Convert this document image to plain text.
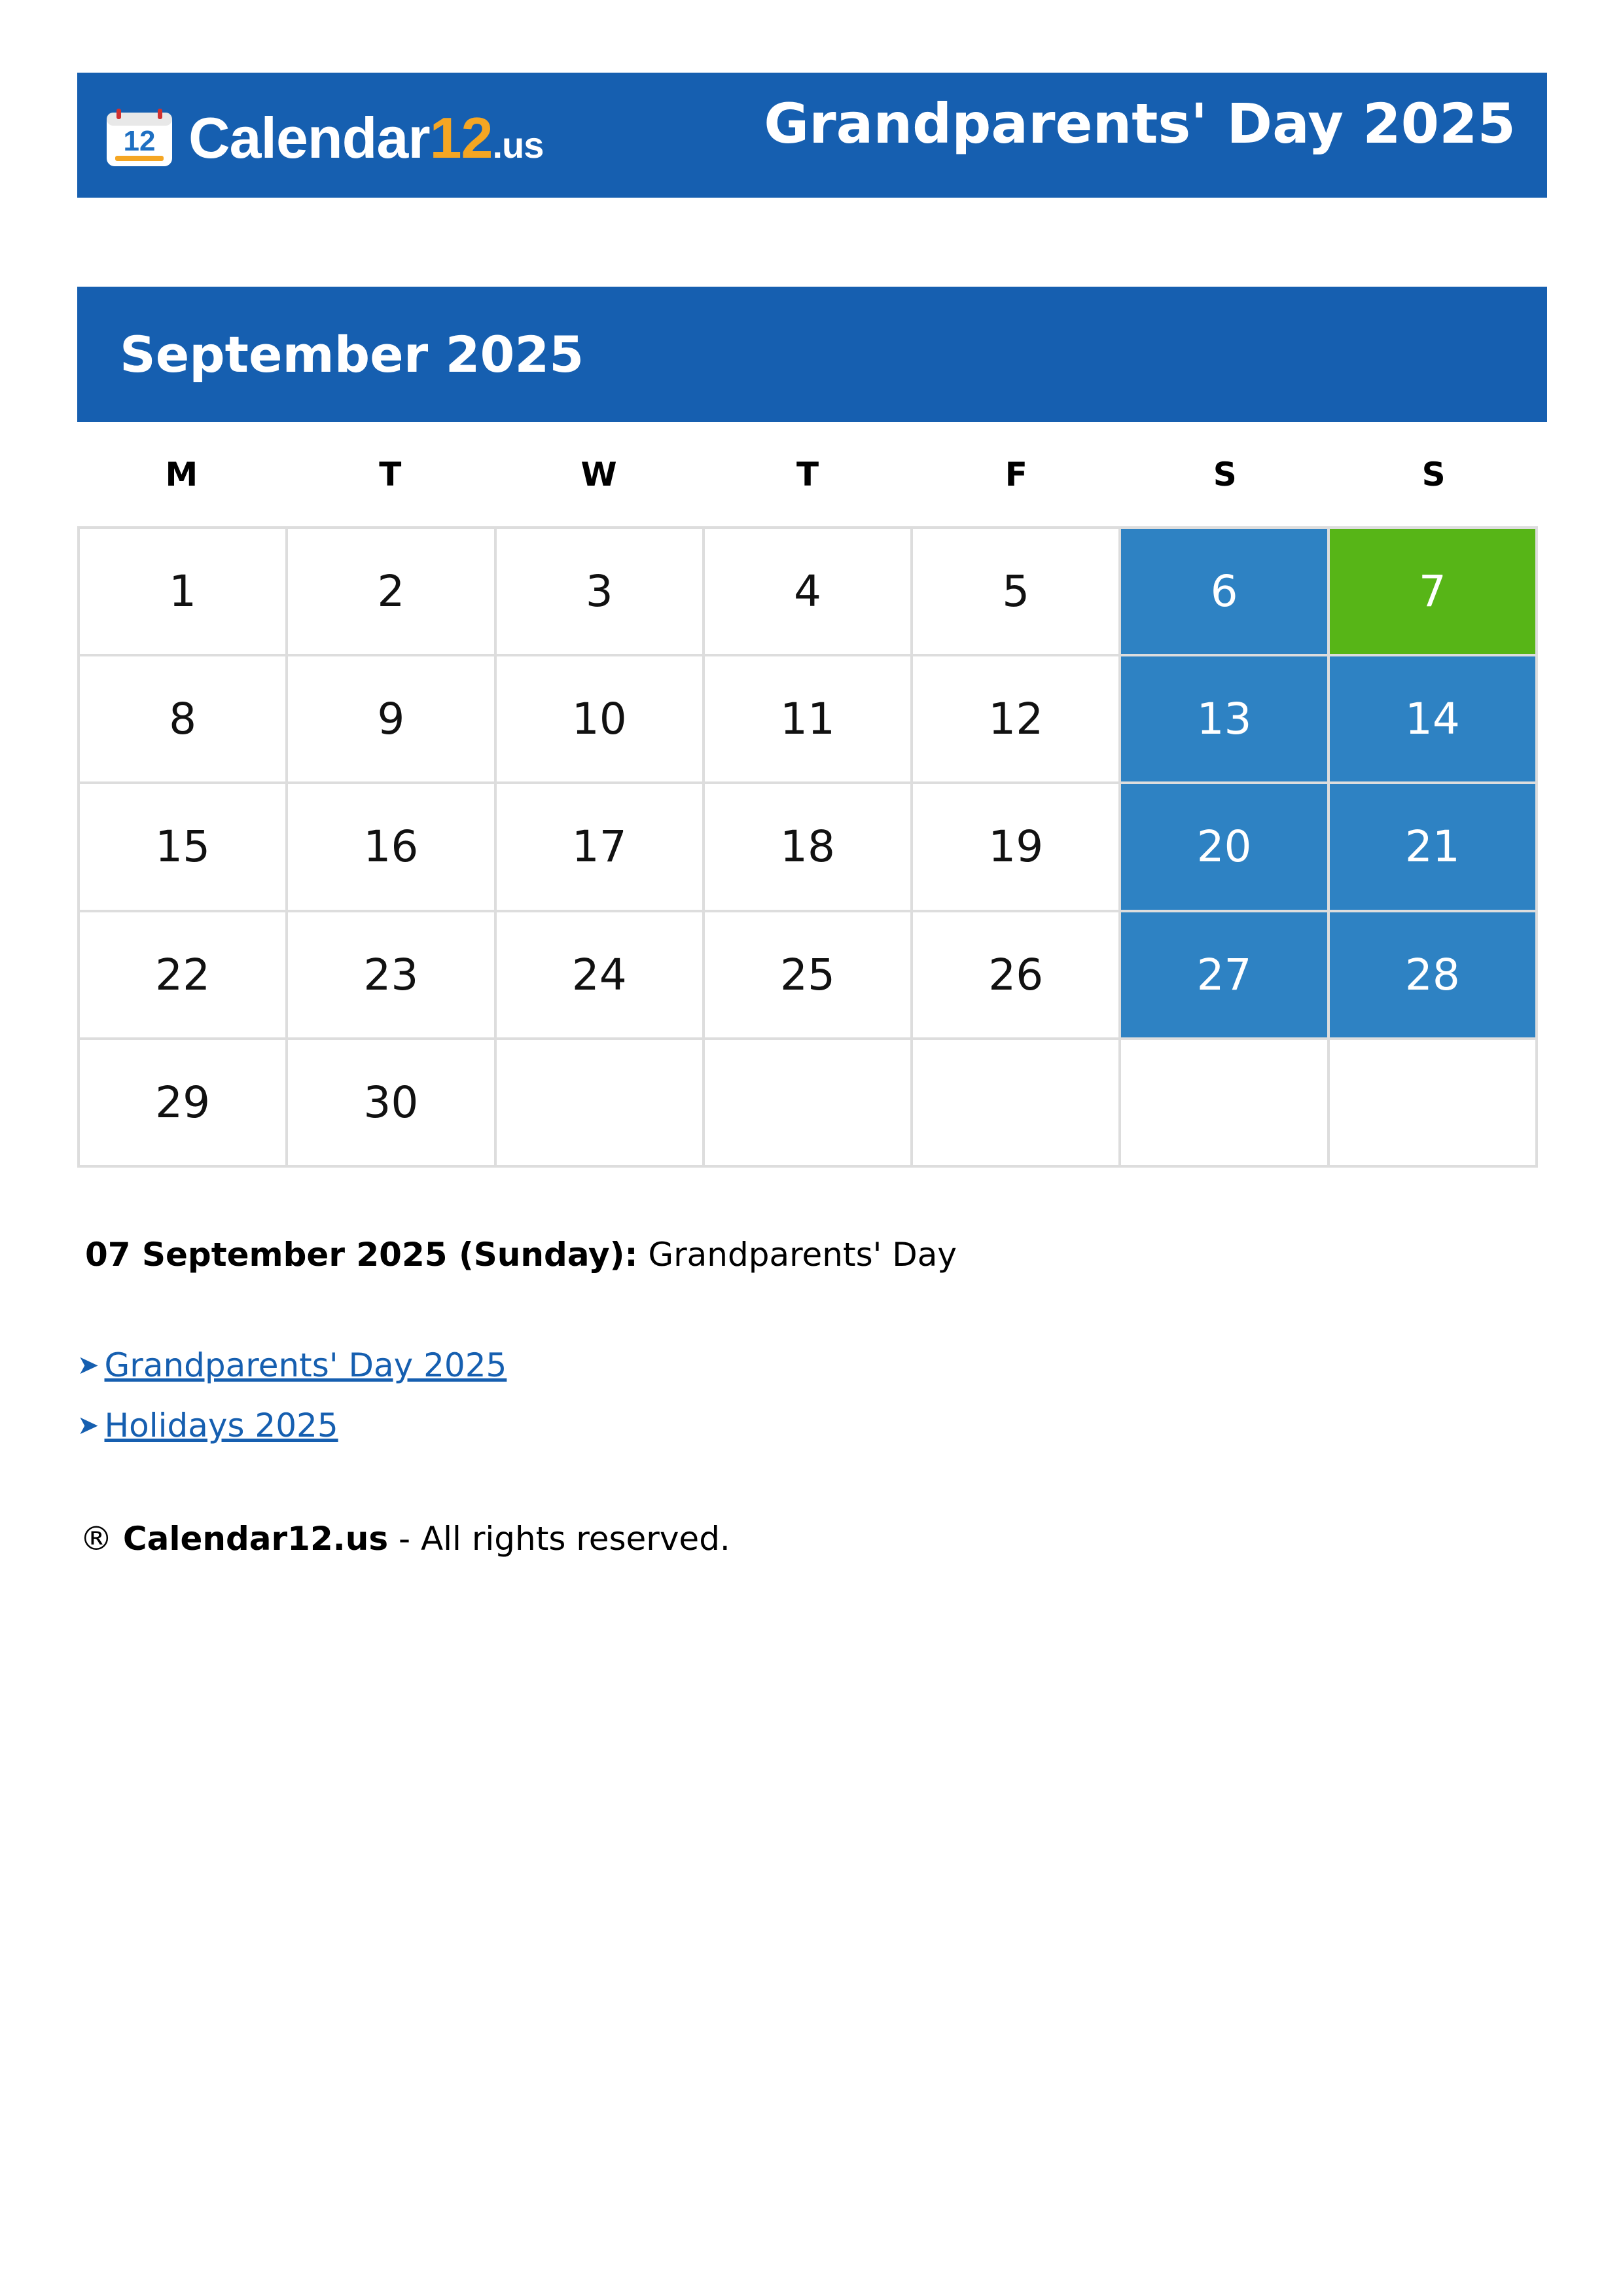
12 Calendar12.us	Grandparents' Day 2025
September 2025
M	T	W	T	F	S	S
1	2	3	4	5	6	7
8	9	10	11	12	13	14
15	16	17	18	19	20	21
22	23	24	25	26	27	28
29	30
07 September 2025 (Sunday): Grandparents' Day
➤ Grandparents' Day 2025
➤ Holidays 2025
® Calendar12.us - All rights reserved.
